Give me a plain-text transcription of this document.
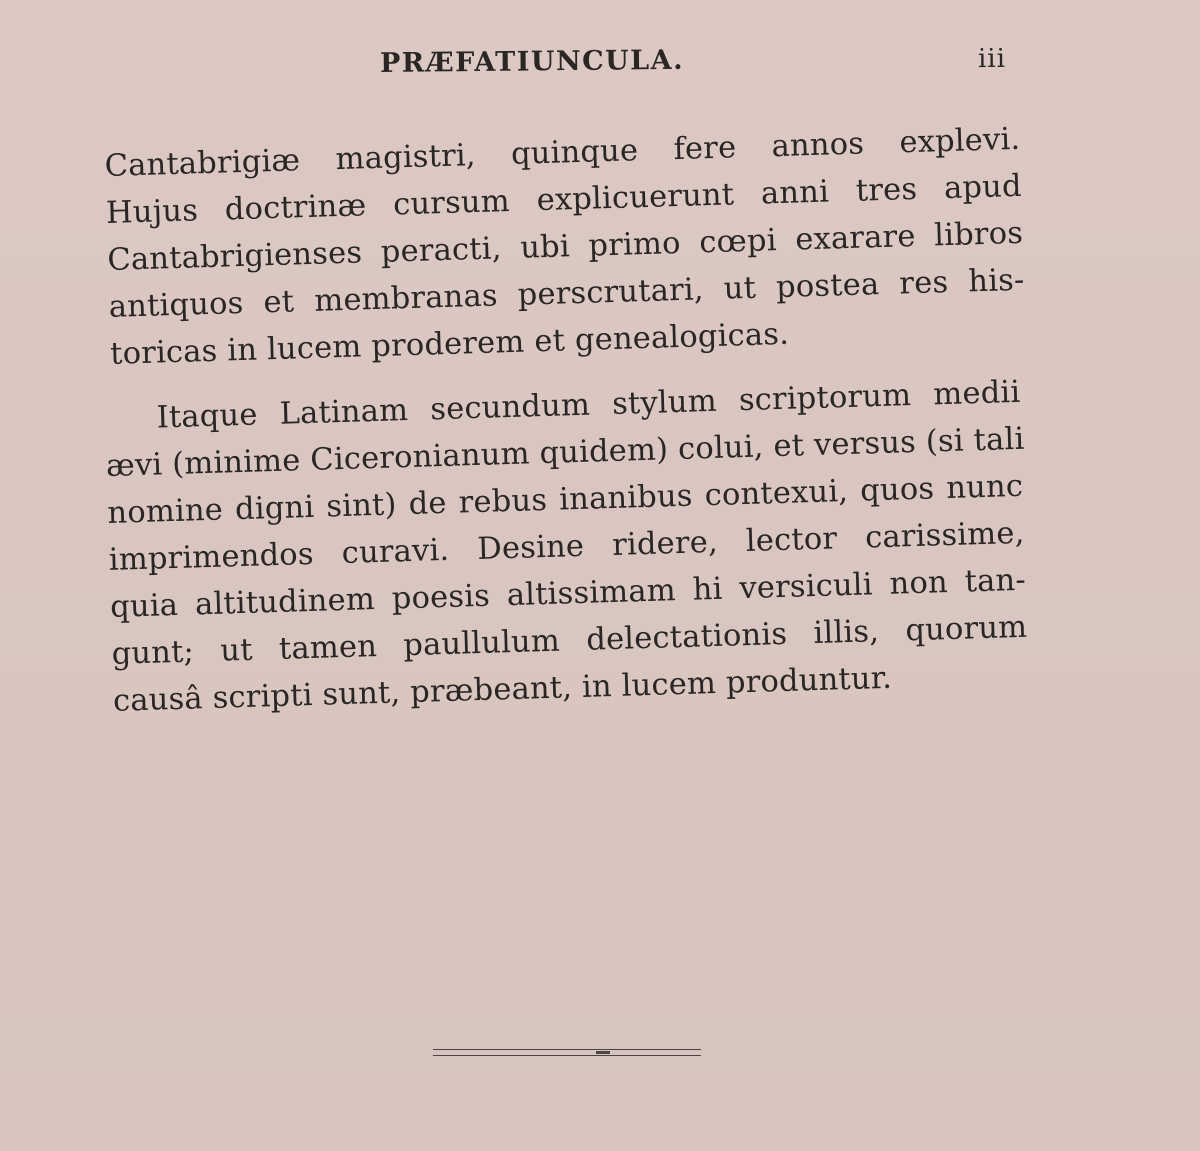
PRÆFATIUNCULA.	iii
Cantabrigiæ magistri, quinque fere annos explevi.
Hujus doctrinæ cursum explicuerunt anni tres apud
Cantabrigienses peracti, ubi primo cœpi exarare libros
antiquos et membranas perscrutari, ut postea res his-
toricas in lucem proderem et genealogicas.
Itaque Latinam secundum stylum scriptorum medii
ævi (minime Ciceronianum quidem) colui, et versus (si tali
nomine digni sint) de rebus inanibus contexui, quos nunc
imprimendos curavi. Desine ridere, lector carissime,
quia altitudinem poesis altissimam hi versiculi non tan-
gunt; ut tamen paullulum delectationis illis, quorum
causâ scripti sunt, præbeant, in lucem produntur.
